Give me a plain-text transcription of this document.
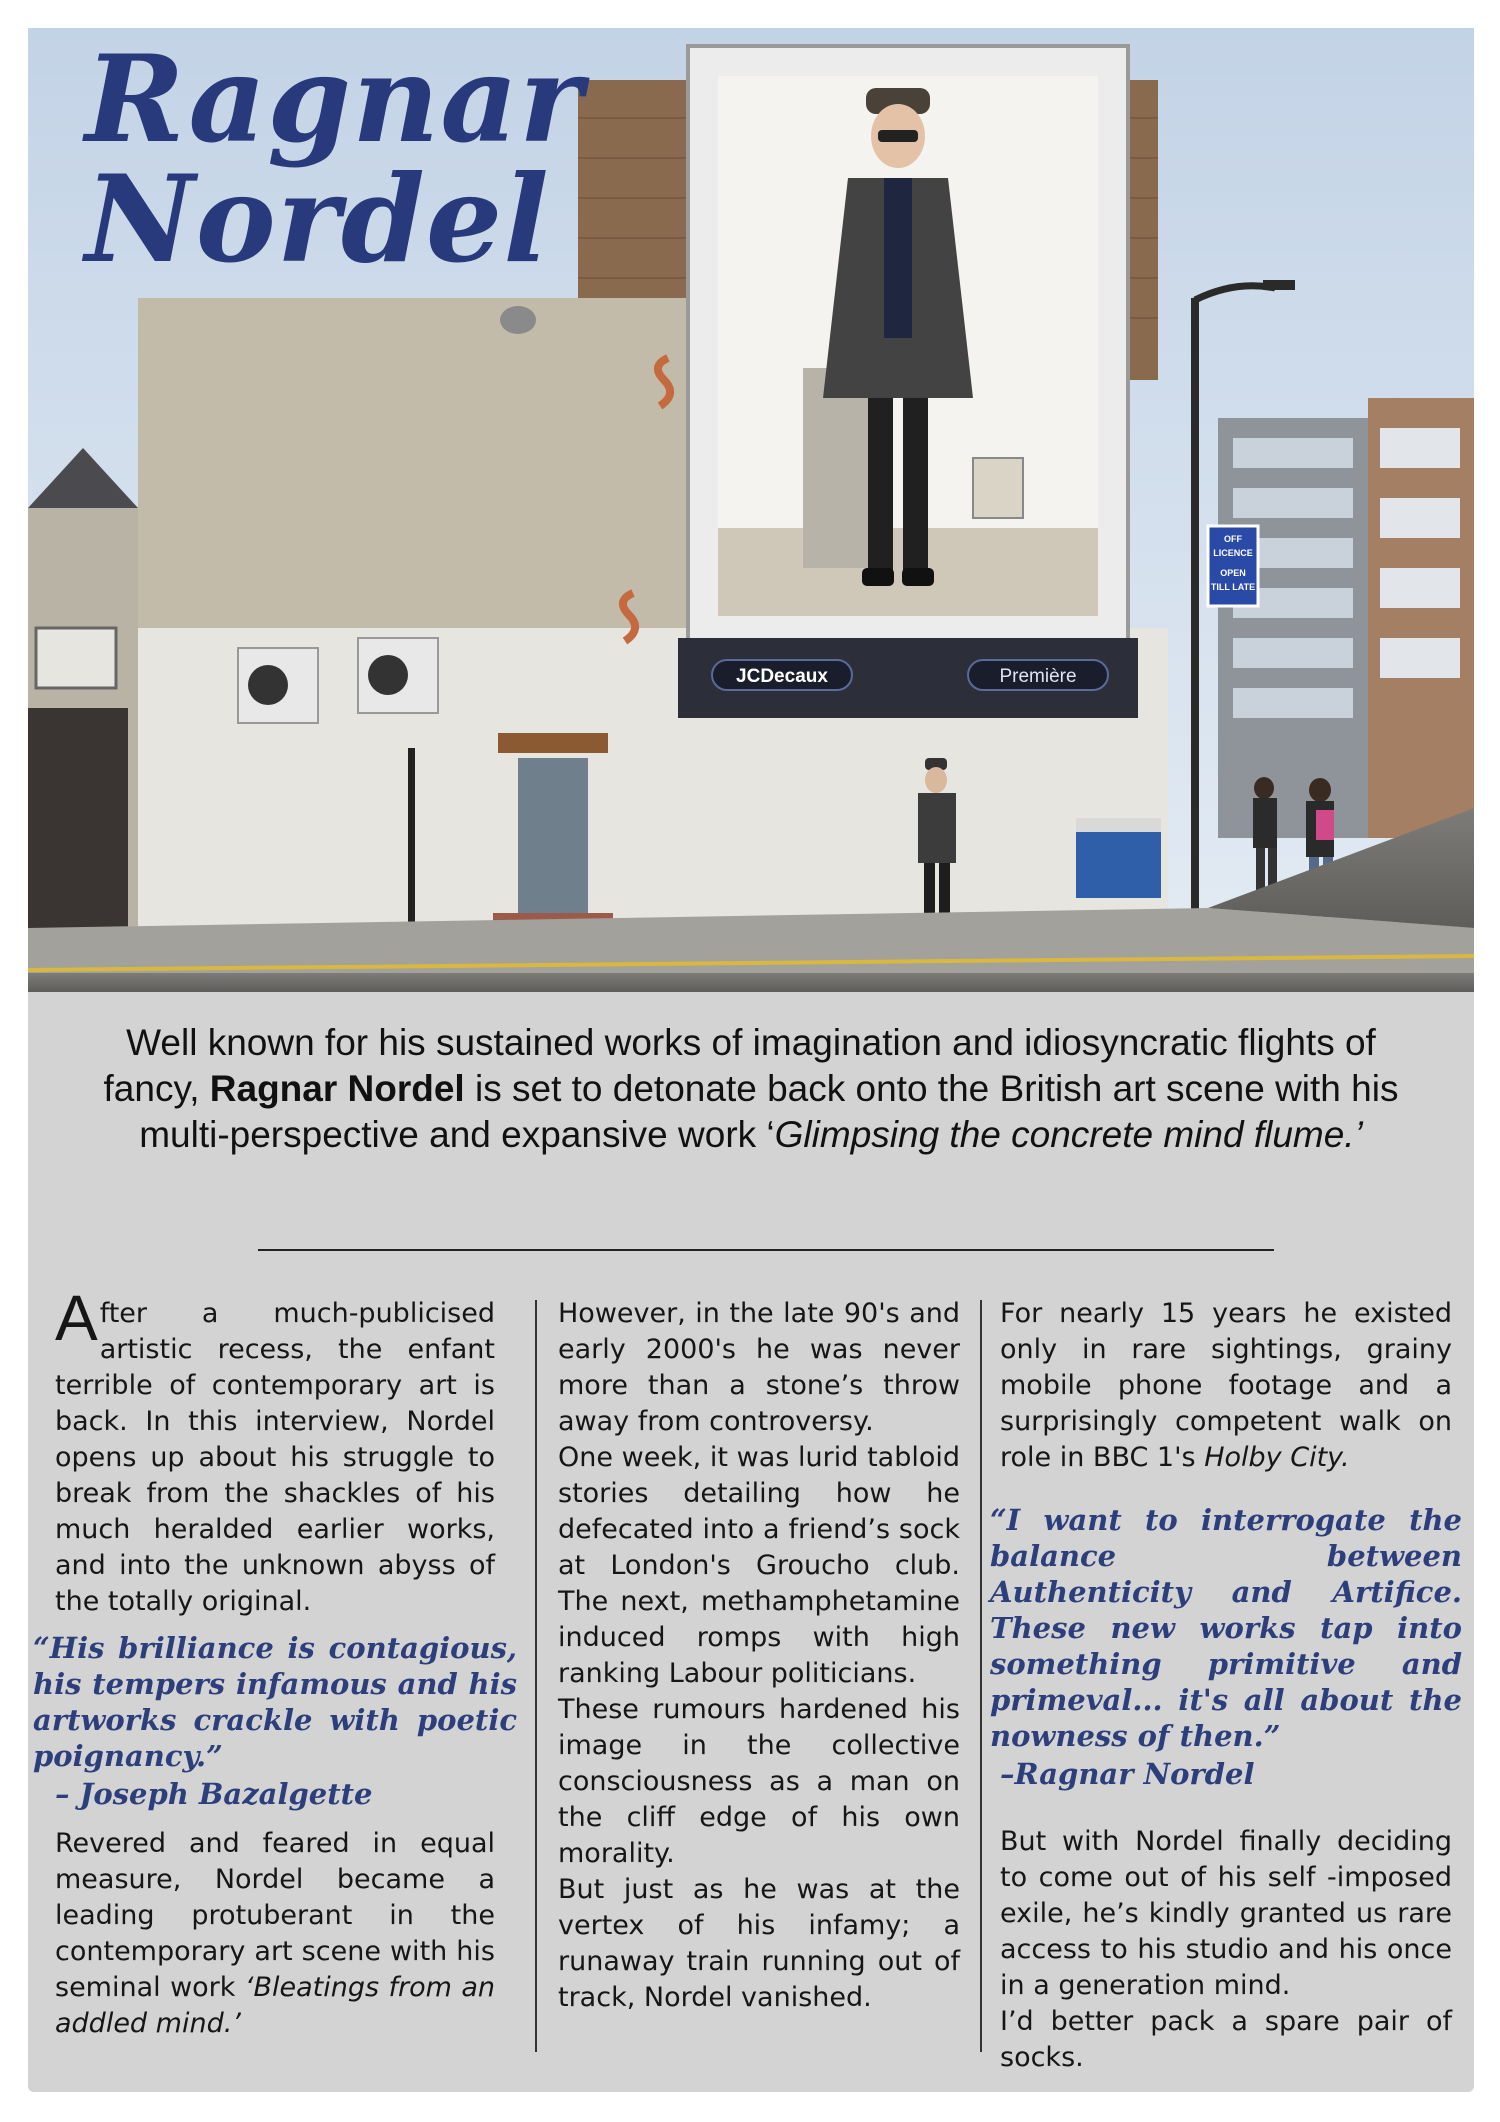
JCDecaux	Première
OFF
LICENCE
OPEN
TILL LATE
Ragnar
Nordel

Well known for his sustained works of imagination and idiosyncratic flights of fancy, Ragnar Nordel is set to detonate back onto the British art scene with his multi-perspective and expansive work ‘Glimpsing the concrete mind flume.’

After a much-publicised artistic recess, the enfant terrible of contemporary art is back. In this interview, Nordel opens up about his struggle to break from the shackles of his much heralded earlier works, and into the unknown abyss of the totally original.

“His brilliance is contagious, his tempers infamous and his artworks crackle with poetic poignancy.”

– Joseph Bazalgette

Revered and feared in equal measure, Nordel became a leading protuberant in the contemporary art scene with his seminal work ‘Bleatings from an addled mind.’

However, in the late 90's and early 2000's he was never more than a stone’s throw away from controversy.

One week, it was lurid tabloid stories detailing how he defecated into a friend’s sock at London's Groucho club. The next, methamphetamine induced romps with high ranking Labour politicians.

These rumours hardened his image in the collective consciousness as a man on the cliff edge of his own morality.

But just as he was at the vertex of his infamy; a runaway train running out of track, Nordel vanished.

For nearly 15 years he existed only in rare sightings, grainy mobile phone footage and a surprisingly competent walk on role in BBC 1's Holby City.

“I want to interrogate the balance between Authenticity and Artifice. These new works tap into something primitive and primeval... it's all about the nowness of then.”

–Ragnar Nordel

But with Nordel finally deciding to come out of his self -imposed exile, he’s kindly granted us rare access to his studio and his once in a generation mind.

I’d better pack a spare pair of socks.
